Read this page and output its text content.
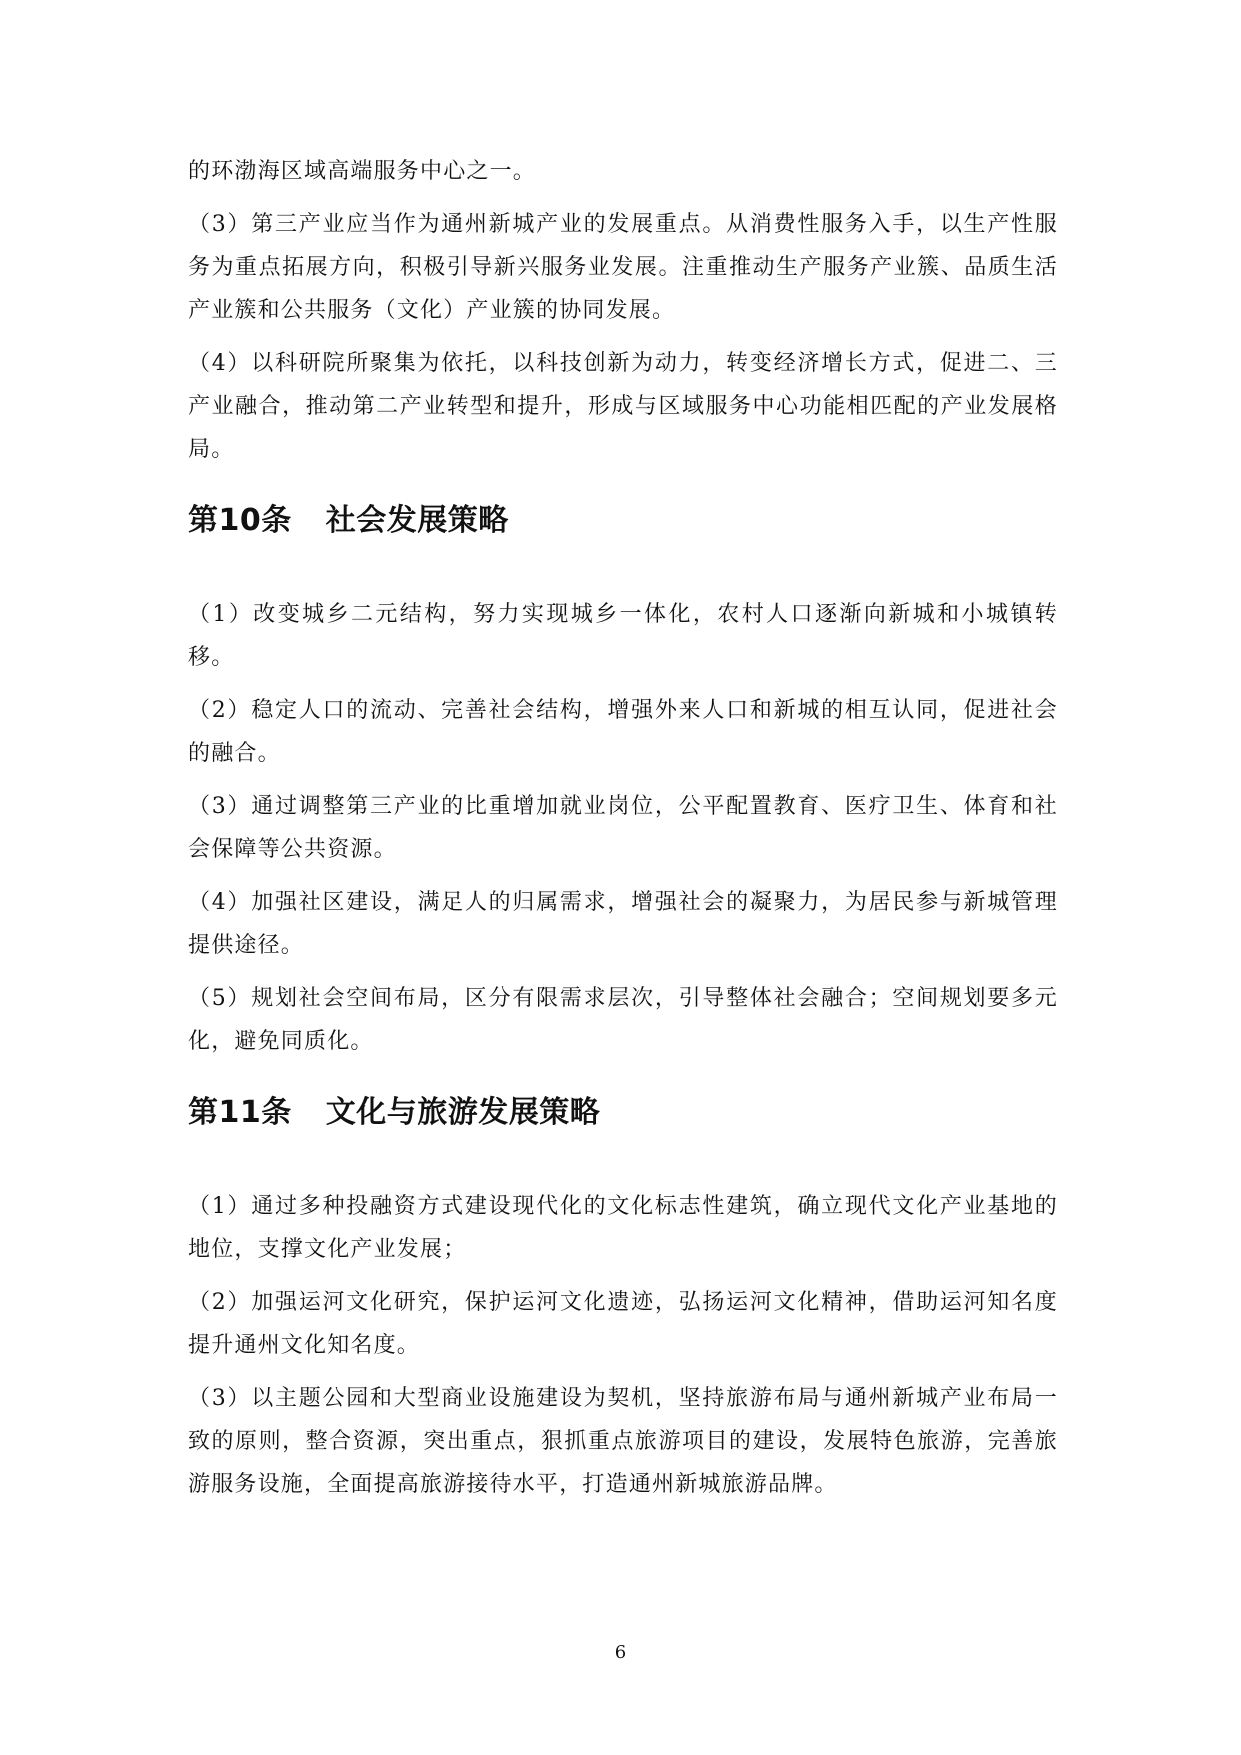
的环渤海区域高端服务中心之一。

（3）第三产业应当作为通州新城产业的发展重点。从消费性服务入手，以生产性服务为重点拓展方向，积极引导新兴服务业发展。注重推动生产服务产业簇、品质生活产业簇和公共服务（文化）产业簇的协同发展。

（4）以科研院所聚集为依托，以科技创新为动力，转变经济增长方式，促进二、三产业融合，推动第二产业转型和提升，形成与区域服务中心功能相匹配的产业发展格局。

第10条 社会发展策略

（1）改变城乡二元结构，努力实现城乡一体化，农村人口逐渐向新城和小城镇转移。

（2）稳定人口的流动、完善社会结构，增强外来人口和新城的相互认同，促进社会的融合。

（3）通过调整第三产业的比重增加就业岗位，公平配置教育、医疗卫生、体育和社会保障等公共资源。

（4）加强社区建设，满足人的归属需求，增强社会的凝聚力，为居民参与新城管理提供途径。

（5）规划社会空间布局，区分有限需求层次，引导整体社会融合；空间规划要多元化，避免同质化。

第11条 文化与旅游发展策略

（1）通过多种投融资方式建设现代化的文化标志性建筑，确立现代文化产业基地的地位，支撑文化产业发展；

（2）加强运河文化研究，保护运河文化遗迹，弘扬运河文化精神，借助运河知名度提升通州文化知名度。

（3）以主题公园和大型商业设施建设为契机，坚持旅游布局与通州新城产业布局一致的原则，整合资源，突出重点，狠抓重点旅游项目的建设，发展特色旅游，完善旅游服务设施，全面提高旅游接待水平，打造通州新城旅游品牌。

6
